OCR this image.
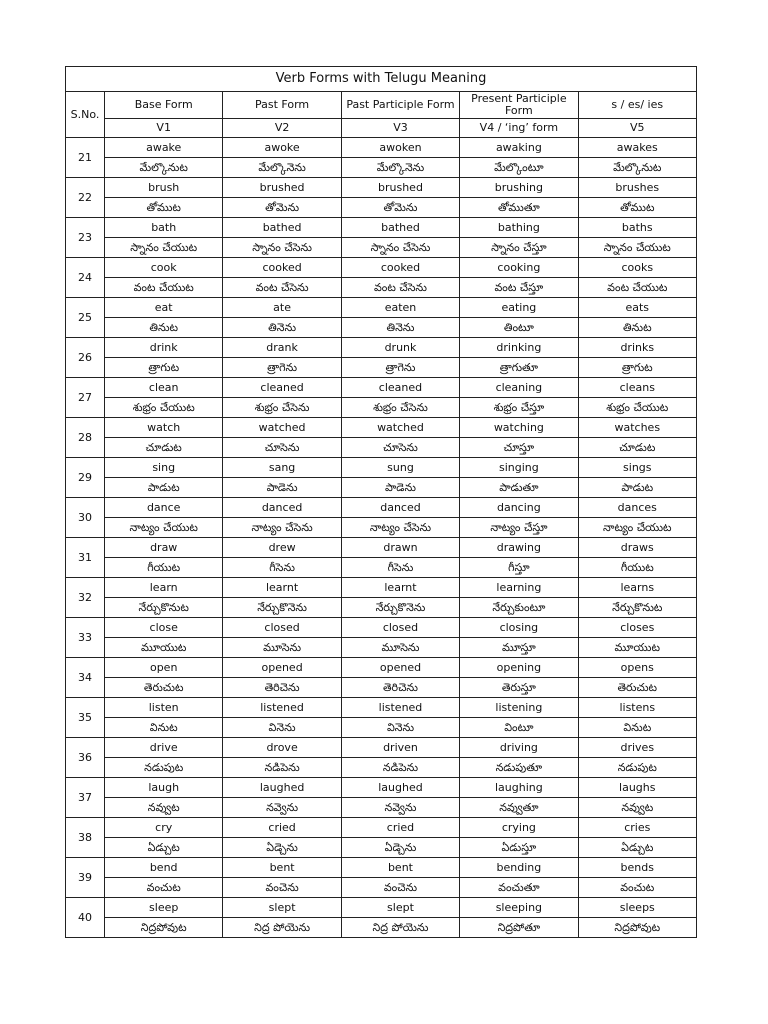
Verb Forms with Telugu Meaning					
S.No.	Base Form	Past Form	Past Participle Form	Present Participle Form	s / es/ ies
	V1	V2	V3	V4 / ‘ing’ form	V5
21	awake	awoke	awoken	awaking	awakes
	మేల్కొనుట	మేల్కొనెను	మేల్కొనెను	మేల్కొంటూ	మేల్కొనుట
22	brush	brushed	brushed	brushing	brushes
	తోముట	తోమెను	తోమెను	తోముతూ	తోముట
23	bath	bathed	bathed	bathing	baths
	స్నానం చేయుట	స్నానం చేసెను	స్నానం చేసెను	స్నానం చేస్తూ	స్నానం చేయుట
24	cook	cooked	cooked	cooking	cooks
	వంట చేయుట	వంట చేసెను	వంట చేసెను	వంట చేస్తూ	వంట చేయుట
25	eat	ate	eaten	eating	eats
	తినుట	తినెను	తినెను	తింటూ	తినుట
26	drink	drank	drunk	drinking	drinks
	త్రాగుట	త్రాగెను	త్రాగెను	త్రాగుతూ	త్రాగుట
27	clean	cleaned	cleaned	cleaning	cleans
	శుభ్రం చేయుట	శుభ్రం చేసెను	శుభ్రం చేసెను	శుభ్రం చేస్తూ	శుభ్రం చేయుట
28	watch	watched	watched	watching	watches
	చూడుట	చూసెను	చూసెను	చూస్తూ	చూడుట
29	sing	sang	sung	singing	sings
	పాడుట	పాడెను	పాడెను	పాడుతూ	పాడుట
30	dance	danced	danced	dancing	dances
	నాట్యం చేయుట	నాట్యం చేసెను	నాట్యం చేసెను	నాట్యం చేస్తూ	నాట్యం చేయుట
31	draw	drew	drawn	drawing	draws
	గీయుట	గీసెను	గీసెను	గీస్తూ	గీయుట
32	learn	learnt	learnt	learning	learns
	నేర్చుకొనుట	నేర్చుకొనెను	నేర్చుకొనెను	నేర్చుకుంటూ	నేర్చుకొనుట
33	close	closed	closed	closing	closes
	మూయుట	మూసెను	మూసెను	మూస్తూ	మూయుట
34	open	opened	opened	opening	opens
	తెరుచుట	తెరిచెను	తెరిచెను	తెరుస్తూ	తెరుచుట
35	listen	listened	listened	listening	listens
	వినుట	వినెను	వినెను	వింటూ	వినుట
36	drive	drove	driven	driving	drives
	నడుపుట	నడిపెను	నడిపెను	నడుపుతూ	నడుపుట
37	laugh	laughed	laughed	laughing	laughs
	నవ్వుట	నవ్వెను	నవ్వెను	నవ్వుతూ	నవ్వుట
38	cry	cried	cried	crying	cries
	ఏడ్చుట	ఏడ్చెను	ఏడ్చెను	ఏడుస్తూ	ఏడ్చుట
39	bend	bent	bent	bending	bends
	వంచుట	వంచెను	వంచెను	వంచుతూ	వంచుట
40	sleep	slept	slept	sleeping	sleeps
	నిద్రపోవుట	నిద్ర పోయెను	నిద్ర పోయెను	నిద్రపోతూ	నిద్రపోవుట
